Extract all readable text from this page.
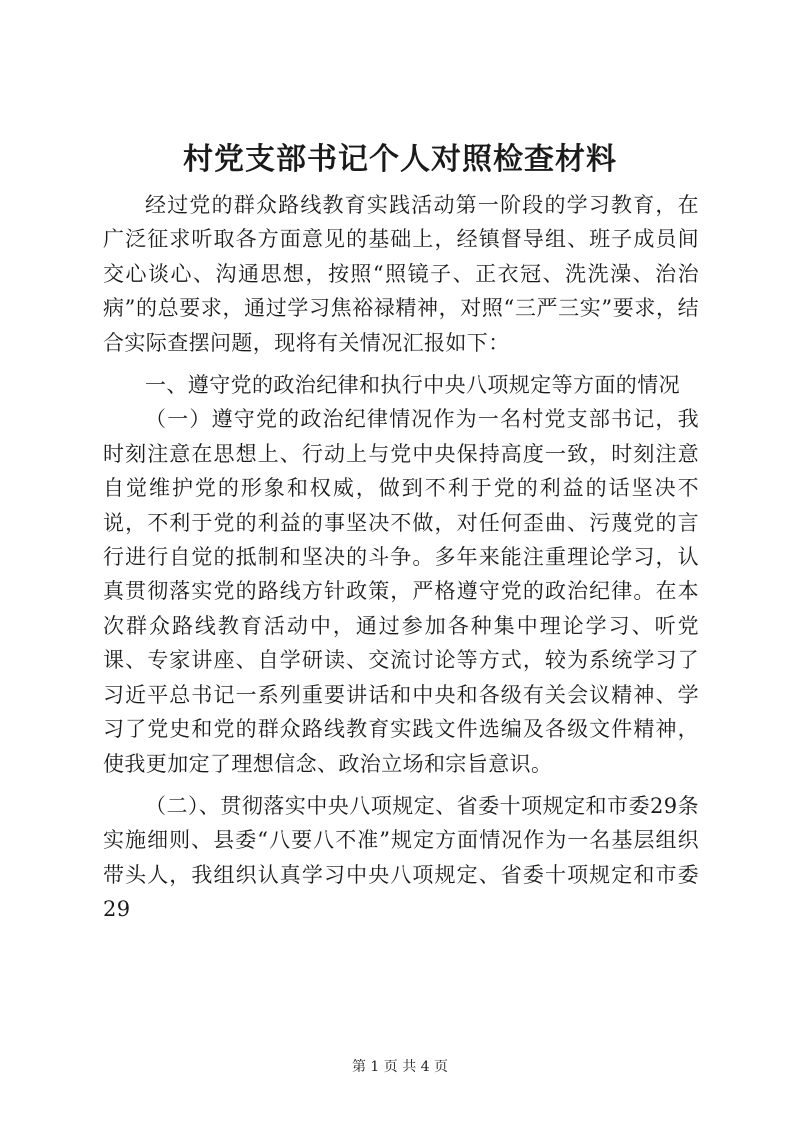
村党支部书记个人对照检查材料

经过党的群众路线教育实践活动第一阶段的学习教育，在广泛征求听取各方面意见的基础上，经镇督导组、班子成员间交心谈心、沟通思想，按照“照镜子、正衣冠、洗洗澡、治治病”的总要求，通过学习焦裕禄精神，对照“三严三实”要求，结合实际查摆问题，现将有关情况汇报如下：

一、遵守党的政治纪律和执行中央八项规定等方面的情况

（一）遵守党的政治纪律情况作为一名村党支部书记，我时刻注意在思想上、行动上与党中央保持高度一致，时刻注意自觉维护党的形象和权威，做到不利于党的利益的话坚决不说，不利于党的利益的事坚决不做，对任何歪曲、污蔑党的言行进行自觉的抵制和坚决的斗争。多年来能注重理论学习，认真贯彻落实党的路线方针政策，严格遵守党的政治纪律。在本次群众路线教育活动中，通过参加各种集中理论学习、听党课、专家讲座、自学研读、交流讨论等方式，较为系统学习了习近平总书记一系列重要讲话和中央和各级有关会议精神、学习了党史和党的群众路线教育实践文件选编及各级文件精神，使我更加定了理想信念、政治立场和宗旨意识。

（二）、贯彻落实中央八项规定、省委十项规定和市委29条实施细则、县委“八要八不准”规定方面情况作为一名基层组织带头人，我组织认真学习中央八项规定、省委十项规定和市委29

第 1 页 共 4 页
